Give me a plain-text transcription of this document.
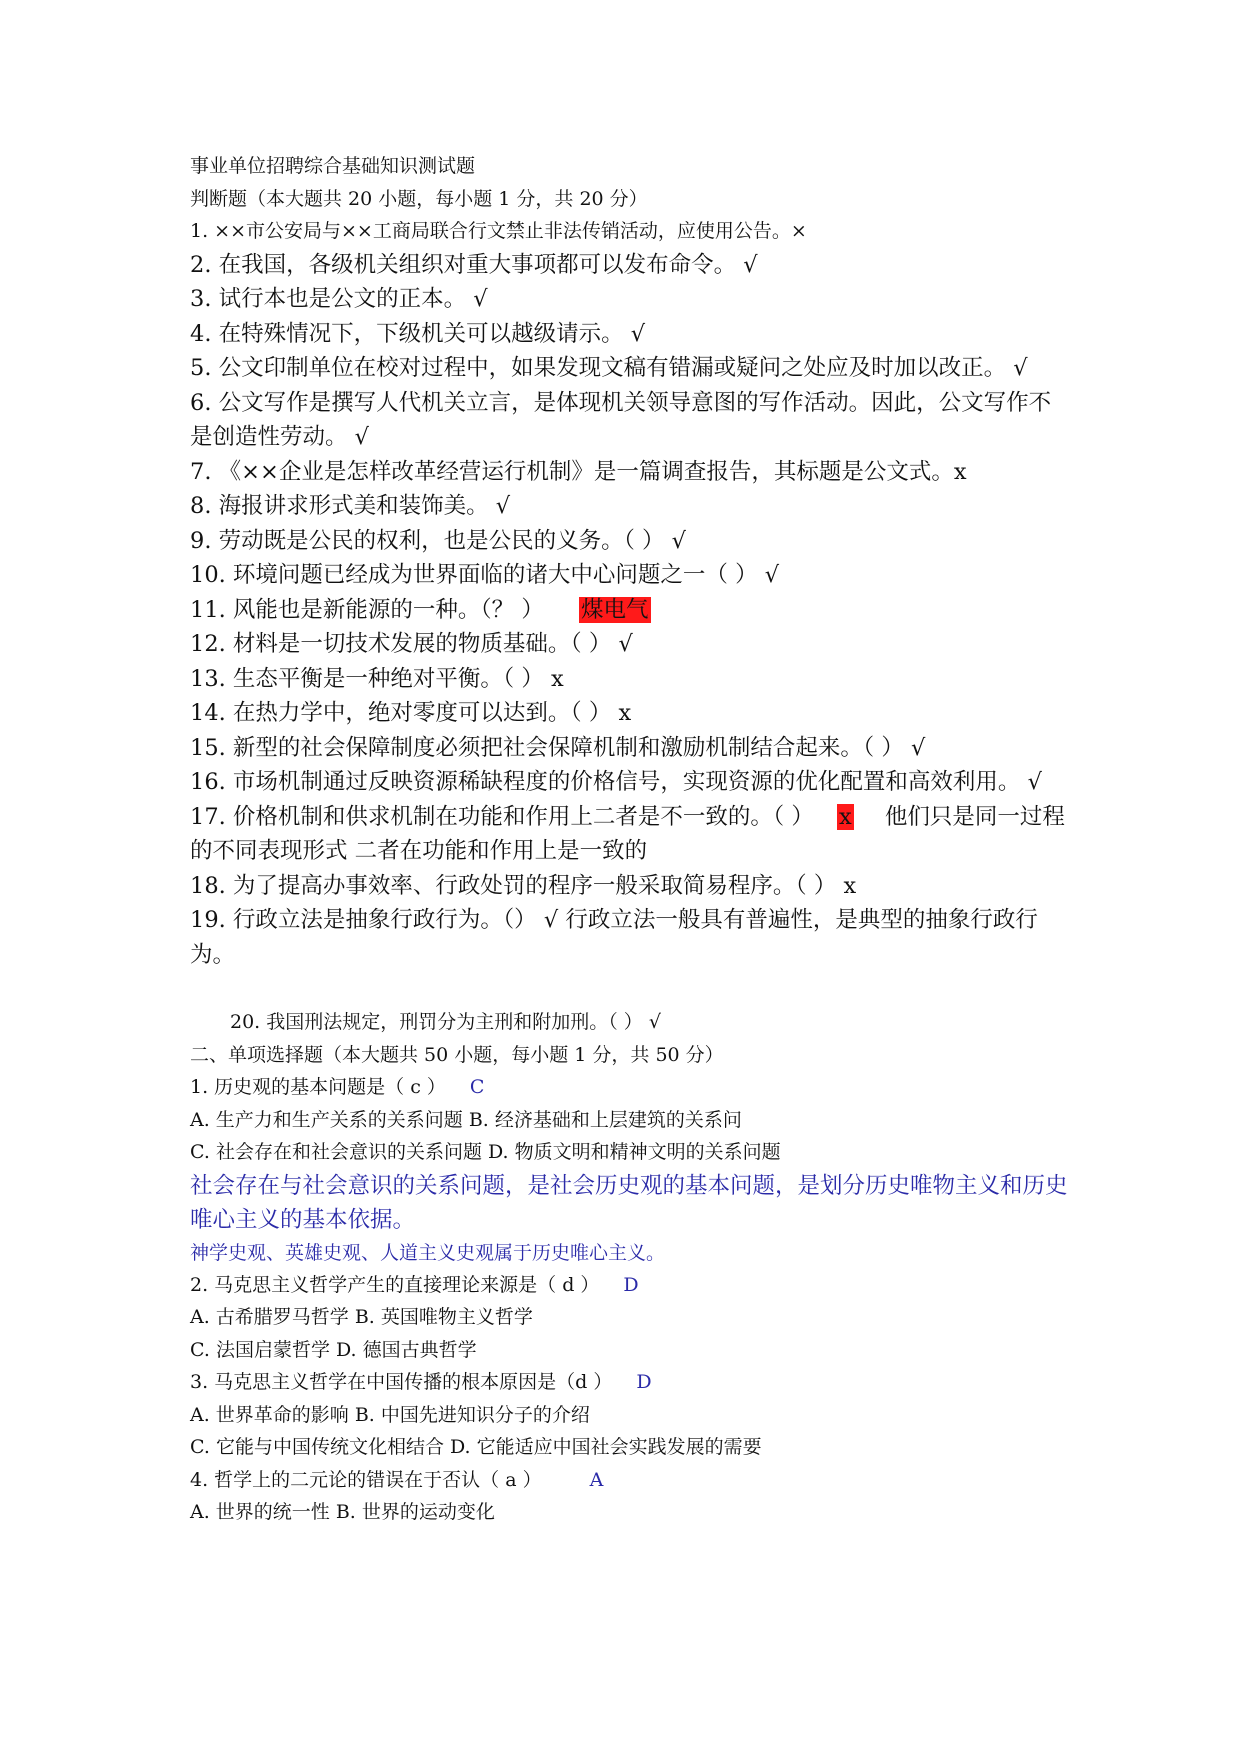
事业单位招聘综合基础知识测试题
判断题（本大题共 20 小题，每小题 1 分，共 20 分）
1. ××市公安局与××工商局联合行文禁止非法传销活动，应使用公告。×
2. 在我国，各级机关组织对重大事项都可以发布命令。 √
3. 试行本也是公文的正本。 √
4. 在特殊情况下，下级机关可以越级请示。 √
5. 公文印制单位在校对过程中，如果发现文稿有错漏或疑问之处应及时加以改正。 √
6. 公文写作是撰写人代机关立言，是体现机关领导意图的写作活动。因此，公文写作不是创造性劳动。 √
7. 《××企业是怎样改革经营运行机制》是一篇调查报告，其标题是公文式。x
8. 海报讲求形式美和装饰美。 √
9. 劳动既是公民的权利，也是公民的义务。（ ） √
10. 环境问题已经成为世界面临的诸大中心问题之一（ ） √
11. 风能也是新能源的一种。（？ ） 煤电气
12. 材料是一切技术发展的物质基础。（ ） √
13. 生态平衡是一种绝对平衡。（ ） x
14. 在热力学中，绝对零度可以达到。（ ） x
15. 新型的社会保障制度必须把社会保障机制和激励机制结合起来。（ ） √
16. 市场机制通过反映资源稀缺程度的价格信号，实现资源的优化配置和高效利用。 √
17. 价格机制和供求机制在功能和作用上二者是不一致的。（ ） x 他们只是同一过程的不同表现形式 二者在功能和作用上是一致的
18. 为了提高办事效率、行政处罚的程序一般采取简易程序。（ ） x
19. 行政立法是抽象行政行为。（） √ 行政立法一般具有普遍性，是典型的抽象行政行为。
20. 我国刑法规定，刑罚分为主刑和附加刑。（ ） √
二、单项选择题（本大题共 50 小题，每小题 1 分，共 50 分）
1. 历史观的基本问题是（ c ） C
A. 生产力和生产关系的关系问题 B. 经济基础和上层建筑的关系问
C. 社会存在和社会意识的关系问题 D. 物质文明和精神文明的关系问题
社会存在与社会意识的关系问题，是社会历史观的基本问题，是划分历史唯物主义和历史唯心主义的基本依据。
神学史观、英雄史观、人道主义史观属于历史唯心主义。
2. 马克思主义哲学产生的直接理论来源是（ d ） D
A. 古希腊罗马哲学 B. 英国唯物主义哲学
C. 法国启蒙哲学 D. 德国古典哲学
3. 马克思主义哲学在中国传播的根本原因是（d ） D
A. 世界革命的影响 B. 中国先进知识分子的介绍
C. 它能与中国传统文化相结合 D. 它能适应中国社会实践发展的需要
4. 哲学上的二元论的错误在于否认（ a ）	A
A. 世界的统一性 B. 世界的运动变化
